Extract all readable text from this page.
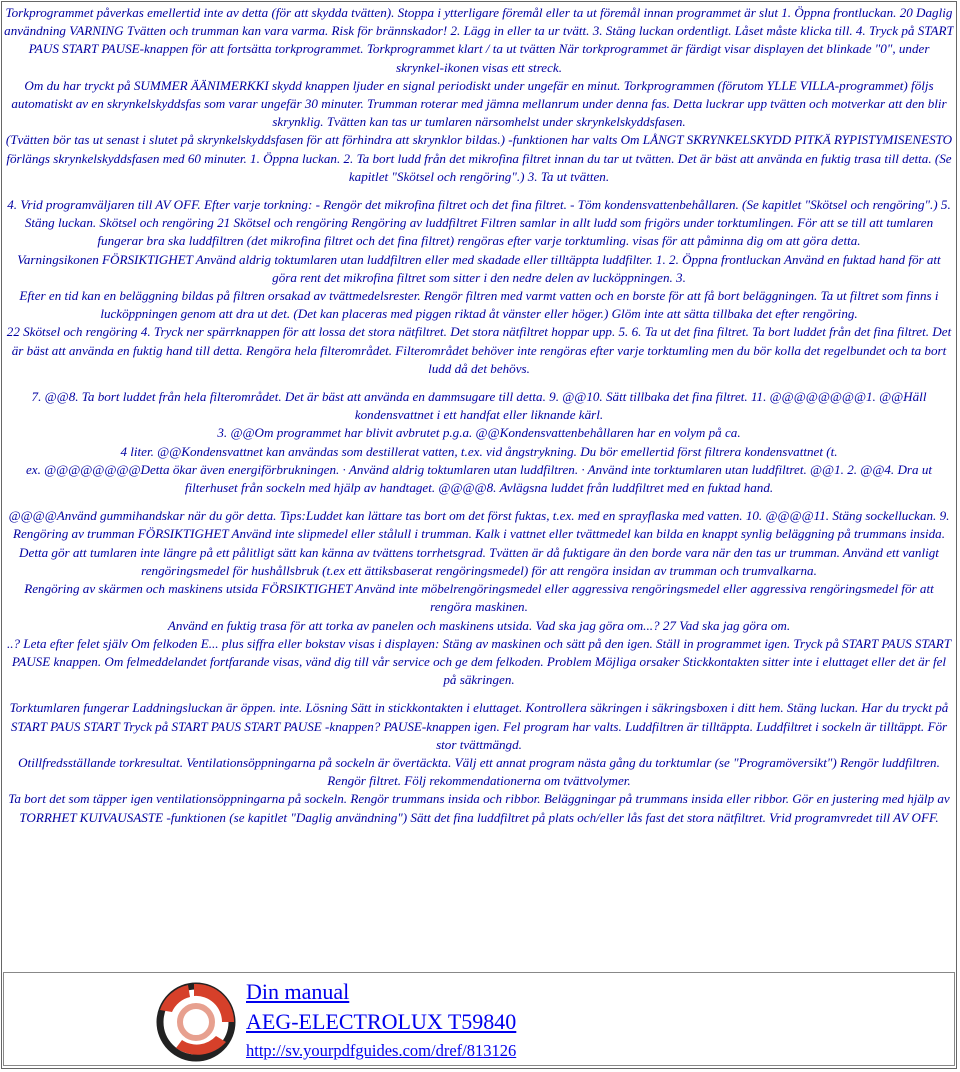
Torkprogrammet påverkas emellertid inte av detta (för att skydda tvätten). Stoppa i ytterligare föremål eller ta ut föremål innan programmet är slut 1. Öppna frontluckan. 20 Daglig användning VARNING Tvätten och trumman kan vara varma. Risk för brännskador! 2. Lägg in eller ta ur tvätt. 3. Stäng luckan ordentligt. Låset måste klicka till. 4. Tryck på START PAUS START PAUSE-knappen för att fortsätta torkprogrammet. Torkprogrammet klart / ta ut tvätten När torkprogrammet är färdigt visar displayen det blinkade "0", under skrynkel-ikonen visas ett streck.

Om du har tryckt på SUMMER ÄÄNIMERKKI skydd knappen ljuder en signal periodiskt under ungefär en minut. Torkprogrammen (förutom YLLE VILLA-programmet) följs automatiskt av en skrynkelskyddsfas som varar ungefär 30 minuter. Trumman roterar med jämna mellanrum under denna fas. Detta luckrar upp tvätten och motverkar att den blir skrynklig. Tvätten kan tas ur tumlaren närsomhelst under skrynkelskyddsfasen.

(Tvätten bör tas ut senast i slutet på skrynkelskyddsfasen för att förhindra att skrynklor bildas.) -funktionen har valts Om LÅNGT SKRYNKELSKYDD PITKÄ RYPISTYMISENESTO förlängs skrynkelskyddsfasen med 60 minuter. 1. Öppna luckan. 2. Ta bort ludd från det mikrofina filtret innan du tar ut tvätten. Det är bäst att använda en fuktig trasa till detta. (Se kapitlet "Skötsel och rengöring".) 3. Ta ut tvätten.

4. Vrid programväljaren till AV OFF. Efter varje torkning: - Rengör det mikrofina filtret och det fina filtret. - Töm kondensvattenbehållaren. (Se kapitlet "Skötsel och rengöring".) 5. Stäng luckan. Skötsel och rengöring 21 Skötsel och rengöring Rengöring av luddfiltret Filtren samlar in allt ludd som frigörs under torktumlingen. För att se till att tumlaren fungerar bra ska luddfiltren (det mikrofina filtret och det fina filtret) rengöras efter varje torktumling. visas för att påminna dig om att göra detta.

Varningsikonen FÖRSIKTIGHET Använd aldrig toktumlaren utan luddfiltren eller med skadade eller tilltäppta luddfilter. 1. 2. Öppna frontluckan Använd en fuktad hand för att göra rent det mikrofina filtret som sitter i den nedre delen av lucköppningen. 3.

Efter en tid kan en beläggning bildas på filtren orsakad av tvättmedelsrester. Rengör filtren med varmt vatten och en borste för att få bort beläggningen. Ta ut filtret som finns i lucköppningen genom att dra ut det. (Det kan placeras med piggen riktad åt vänster eller höger.) Glöm inte att sätta tillbaka det efter rengöring.

22 Skötsel och rengöring 4. Tryck ner spärrknappen för att lossa det stora nätfiltret. Det stora nätfiltret hoppar upp. 5. 6. Ta ut det fina filtret. Ta bort luddet från det fina filtret. Det är bäst att använda en fuktig hand till detta. Rengöra hela filterområdet. Filterområdet behöver inte rengöras efter varje torktumling men du bör kolla det regelbundet och ta bort ludd då det behövs.

7. @@8. Ta bort luddet från hela filterområdet. Det är bäst att använda en dammsugare till detta. 9. @@10. Sätt tillbaka det fina filtret. 11. @@@@@@@@1. @@Häll kondensvattnet i ett handfat eller liknande kärl.

3. @@Om programmet har blivit avbrutet p.g.a. @@Kondensvattenbehållaren har en volym på ca.

4 liter. @@Kondensvattnet kan användas som destillerat vatten, t.ex. vid ångstrykning. Du bör emellertid först filtrera kondensvattnet (t.

ex. @@@@@@@@Detta ökar även energiförbrukningen. · Använd aldrig toktumlaren utan luddfiltren. · Använd inte torktumlaren utan luddfiltret. @@1. 2. @@4. Dra ut filterhuset från sockeln med hjälp av handtaget. @@@@8. Avlägsna luddet från luddfiltret med en fuktad hand.

@@@@Använd gummihandskar när du gör detta. Tips:Luddet kan lättare tas bort om det först fuktas, t.ex. med en sprayflaska med vatten. 10. @@@@11. Stäng sockelluckan. 9. Rengöring av trumman FÖRSIKTIGHET Använd inte slipmedel eller stålull i trumman. Kalk i vattnet eller tvättmedel kan bilda en knappt synlig beläggning på trummans insida.

Detta gör att tumlaren inte längre på ett pålitligt sätt kan känna av tvättens torrhetsgrad. Tvätten är då fuktigare än den borde vara när den tas ur trumman. Använd ett vanligt rengöringsmedel för hushållsbruk (t.ex ett ättiksbaserat rengöringsmedel) för att rengöra insidan av trumman och trumvalkarna.

Rengöring av skärmen och maskinens utsida FÖRSIKTIGHET Använd inte möbelrengöringsmedel eller aggressiva rengöringsmedel eller aggressiva rengöringsmedel för att rengöra maskinen.

Använd en fuktig trasa för att torka av panelen och maskinens utsida. Vad ska jag göra om...? 27 Vad ska jag göra om.

..? Leta efter felet själv Om felkoden E... plus siffra eller bokstav visas i displayen: Stäng av maskinen och sätt på den igen. Ställ in programmet igen. Tryck på START PAUS START PAUSE knappen. Om felmeddelandet fortfarande visas, vänd dig till vår service och ge dem felkoden. Problem Möjliga orsaker Stickkontakten sitter inte i eluttaget eller det är fel på säkringen.

Torktumlaren fungerar Laddningsluckan är öppen. inte. Lösning Sätt in stickkontakten i eluttaget. Kontrollera säkringen i säkringsboxen i ditt hem. Stäng luckan. Har du tryckt på START PAUS START Tryck på START PAUS START PAUSE -knappen? PAUSE-knappen igen. Fel program har valts. Luddfiltren är tilltäppta. Luddfiltret i sockeln är tilltäppt. För stor tvättmängd.

Otillfredsställande torkresultat. Ventilationsöppningarna på sockeln är övertäckta. Välj ett annat program nästa gång du torktumlar (se "Programöversikt") Rengör luddfiltren. Rengör filtret. Följ rekommendationerna om tvättvolymer.

Ta bort det som täpper igen ventilationsöppningarna på sockeln. Rengör trummans insida och ribbor. Beläggningar på trummans insida eller ribbor. Gör en justering med hjälp av TORRHET KUIVAUSASTE -funktionen (se kapitlet "Daglig användning") Sätt det fina luddfiltret på plats och/eller lås fast det stora nätfiltret. Vrid programvredet till AV OFF.

Din manual
AEG-ELECTROLUX T59840
http://sv.yourpdfguides.com/dref/813126
